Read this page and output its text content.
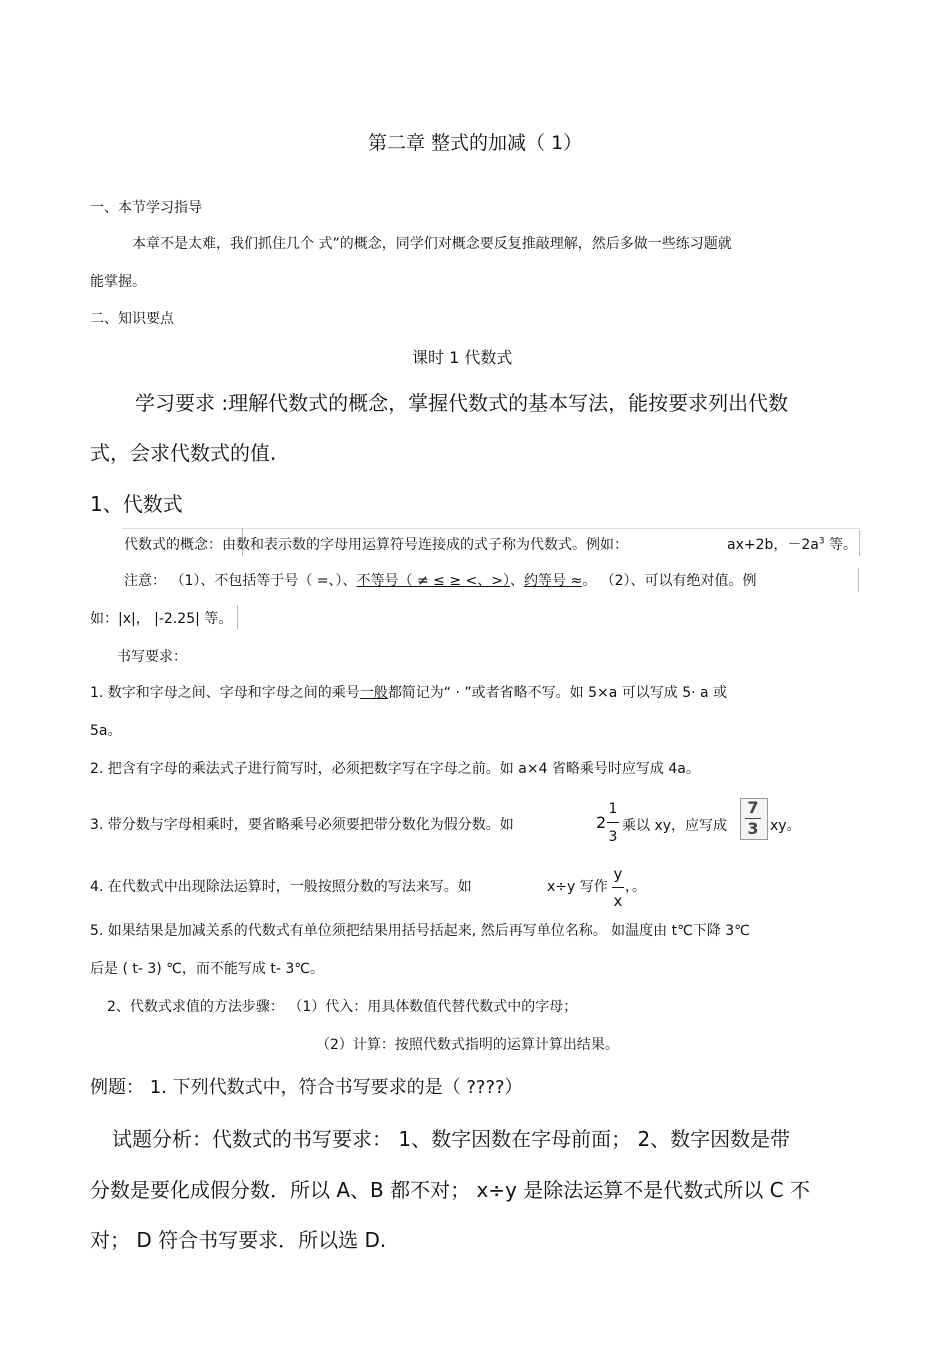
第二章 整式的加减（ 1）
一、本节学习指导
本章不是太难，我们抓住几个 式”的概念，同学们对概念要反复推敲理解，然后多做一些练习题就
能掌握。
二、知识要点
课时 1 代数式
学习要求 :理解代数式的概念，掌握代数式的基本写法，能按要求列出代数
式，会求代数式的值.
1、代数式
代数式的概念：由数和表示数的字母用运算符号连接成的式子称为代数式。例如：	ax+2b，$-2a^3$ 等。
注意： （1）、不包括等于号（ =、）、不等号（ ≠ ≤ ≥ <、>）、约等号 ≈。 （2）、可以有绝对值。例
如：|x|， |-2.25| 等。
书写要求：
1. 数字和字母之间、字母和字母之间的乘号一般都简记为“ · ”或者省略不写。如 5×a 可以写成 5· a 或
5a。
2. 把含有字母的乘法式子进行简写时，必须把数字写在字母之前。如 a×4 省略乘号时应写成 4a。
3. 带分数与字母相乘时，要省略乘号必须要把带分数化为假分数。如	2
1
3
乘以 xy，应写成
7
3 xy。
4. 在代数式中出现除法运算时，一般按照分数的写法来写。如	x÷y 写作
y
x
，。
5. 如果结果是加减关系的代数式有单位须把结果用括号括起来, 然后再写单位名称。 如温度由 t℃下降 3℃
后是 ( t- 3) ℃，而不能写成 t- 3℃。
2、代数式求值的方法步骤： （1）代入：用具体数值代替代数式中的字母；
（2）计算：按照代数式指明的运算计算出结果。
例题： 1. 下列代数式中，符合书写要求的是（ ????）
试题分析：代数式的书写要求： 1、数字因数在字母前面； 2、数字因数是带
分数是要化成假分数．所以 A、B 都不对； x÷y 是除法运算不是代数式所以 C 不
对； D 符合书写要求．所以选 D.
